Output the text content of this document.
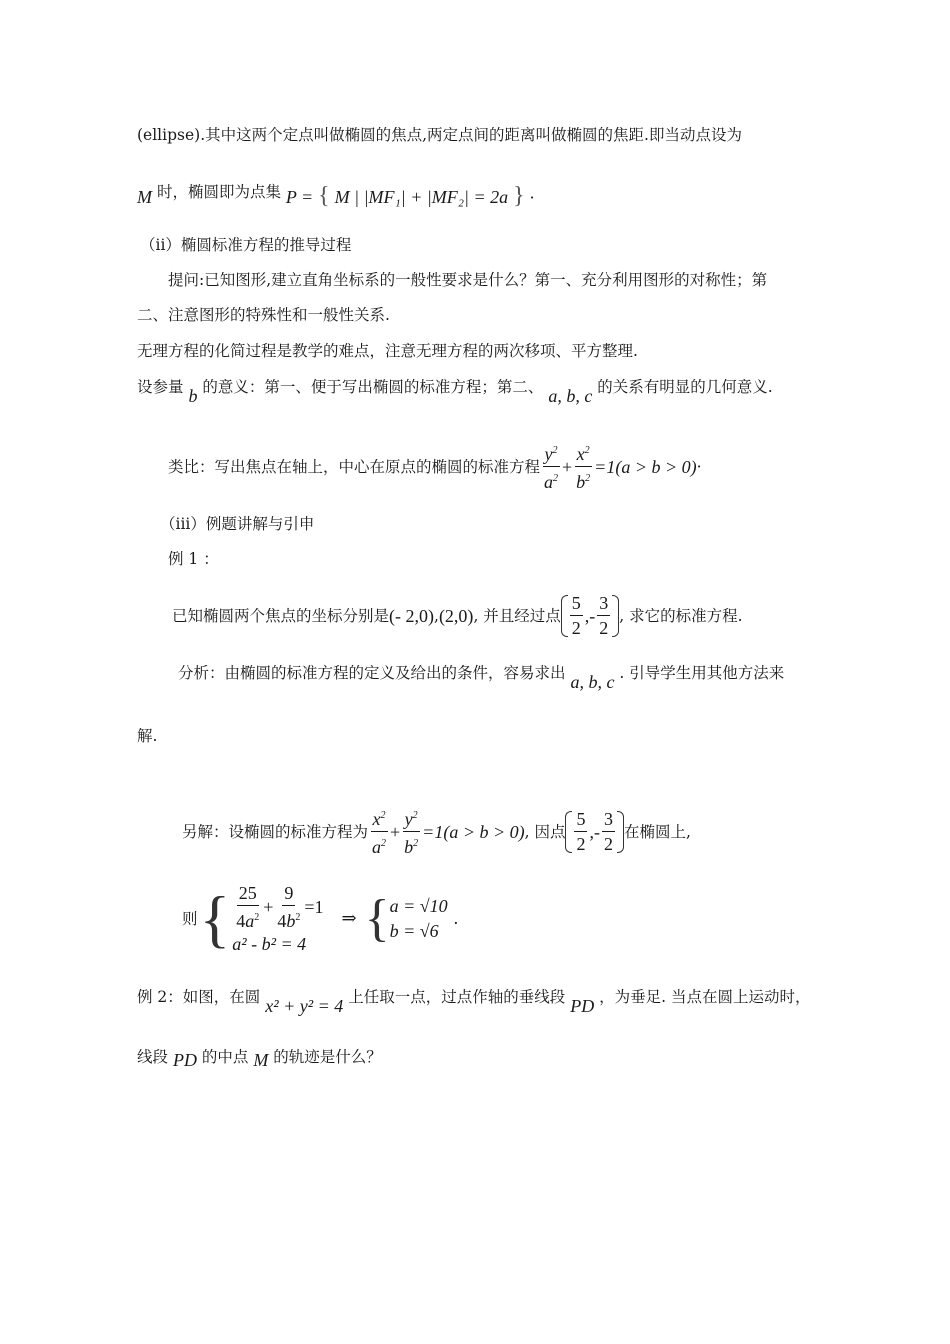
(ellipse).其中这两个定点叫做椭圆的焦点,两定点间的距离叫做椭圆的焦距.即当动点设为
M 时，椭圆即为点集 P = { M | |MF₁| + |MF₂| = 2a } ·
（ii）椭圆标准方程的推导过程
提问:已知图形,建立直角坐标系的一般性要求是什么？第一、充分利用图形的对称性；第
二、注意图形的特殊性和一般性关系.
无理方程的化简过程是教学的难点，注意无理方程的两次移项、平方整理.
设参量 b 的意义：第一、便于写出椭圆的标准方程；第二、 a, b, c 的关系有明显的几何意义.
类比：写出焦点在轴上，中心在原点的椭圆的标准方程 $\frac{y^2}{a^2} + \frac{x^2}{b^2} =1(a > b > 0)$ ·
（iii）例题讲解与引申
例 1 ：
已知椭圆两个焦点的坐标分别是 (- 2,0) , (2,0) , 并且经过点 $\frac{5}{2}$ ,- $\frac{3}{2}$ , 求它的标准方程.
分析：由椭圆的标准方程的定义及给出的条件，容易求出 a, b, c . 引导学生用其他方法来
解.
另解：设椭圆的标准方程为 $\frac{x^2}{a^2} + \frac{y^2}{b^2} =1(a > b > 0)$ , 因点 $\frac{5}{2}$ ,- $\frac{3}{2}$ 在椭圆上,
则 { $\frac{25}{4a^2} + \frac{9}{4b^2} =1$
a² - b² = 4
⇒ { a = √10
b = √6
.
例 2：如图，在圆 x² + y² = 4 上任取一点，过点作轴的垂线段 PD ，为垂足. 当点在圆上运动时，
线段 PD 的中点 M 的轨迹是什么？
